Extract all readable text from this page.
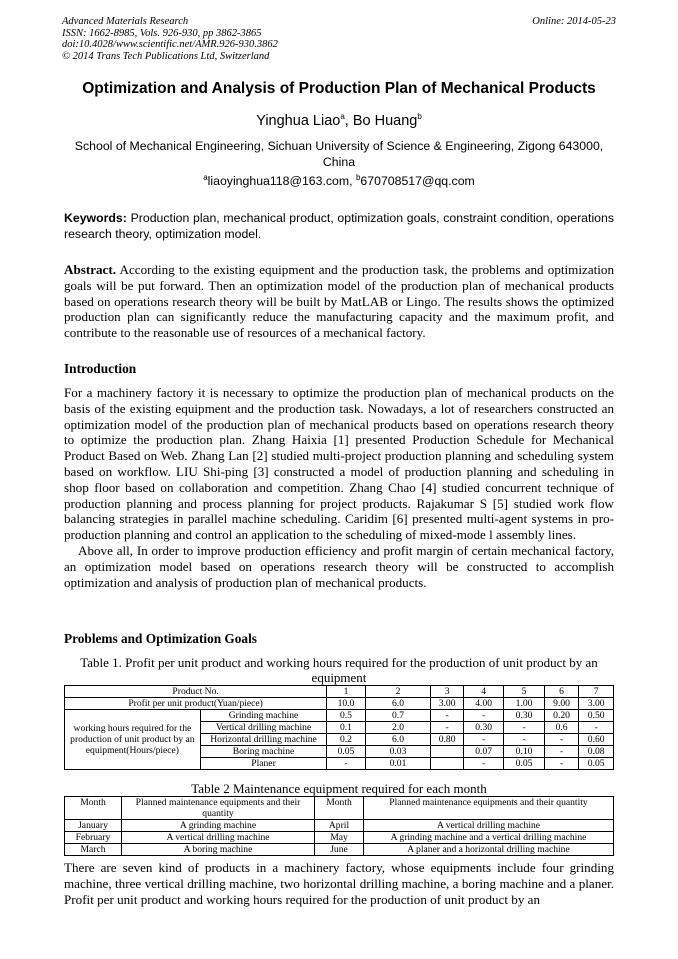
Advanced Materials Research
ISSN: 1662-8985, Vols. 926-930, pp 3862-3865
doi:10.4028/www.scientific.net/AMR.926-930.3862
© 2014 Trans Tech Publications Ltd, Switzerland
Online: 2014-05-23
Optimization and Analysis of Production Plan of Mechanical Products
Yinghua Liao$^a$, Bo Huang$^b$
School of Mechanical Engineering, Sichuan University of Science & Engineering, Zigong 643000, China
$^a$liaoyinghua118@163.com, $^b$670708517@qq.com
Keywords: Production plan, mechanical product, optimization goals, constraint condition, operations research theory, optimization model.
Abstract. According to the existing equipment and the production task, the problems and optimization goals will be put forward. Then an optimization model of the production plan of mechanical products based on operations research theory will be built by MatLAB or Lingo. The results shows the optimized production plan can significantly reduce the manufacturing capacity and the maximum profit, and contribute to the reasonable use of resources of a mechanical factory.
Introduction
For a machinery factory it is necessary to optimize the production plan of mechanical products on the basis of the existing equipment and the production task. Nowadays, a lot of researchers constructed an optimization model of the production plan of mechanical products based on operations research theory to optimize the production plan. Zhang Haixia [1] presented Production Schedule for Mechanical Product Based on Web. Zhang Lan [2] studied multi-project production planning and scheduling system based on workflow. LIU Shi-ping [3] constructed a model of production planning and scheduling in shop floor based on collaboration and competition. Zhang Chao [4] studied concurrent technique of production planning and process planning for project products. Rajakumar S [5] studied work flow balancing strategies in parallel machine scheduling. Caridim [6] presented multi-agent systems in pro-production planning and control an application to the scheduling of mixed-mode l assembly lines.
Above all, In order to improve production efficiency and profit margin of certain mechanical factory, an optimization model based on operations research theory will be constructed to accomplish optimization and analysis of production plan of mechanical products.
Problems and Optimization Goals
Table 1. Profit per unit product and working hours required for the production of unit product by an equipment
Product No.		1	2	3	4	5	6	7
Profit per unit product(Yuan/piece)		10.0	6.0	3.00	4.00	1.00	9.00	3.00
working hours required for the production of unit product by an equipment(Hours/piece)	Grinding machine	0.5	0.7	-	-	0.30	0.20	0.50
	Vertical drilling machine	0.1	2.0	-	0.30	-	0.6	-
	Horizontal drilling machine	0.2	6.0	0.80	-	-	-	0.60
	Boring machine	0.05	0.03		0.07	0.10	-	0.08
	Planer	-	0.01		-	0.05	-	0.05
Table 2 Maintenance equipment required for each month
Month	Planned maintenance equipments and their quantity	Month	Planned maintenance equipments and their quantity
January	A grinding machine	April	A vertical drilling machine
February	A vertical drilling machine	May	A grinding machine and a vertical drilling machine
March	A boring machine	June	A planer and a horizontal drilling machine
There are seven kind of products in a machinery factory, whose equipments include four grinding machine, three vertical drilling machine, two horizontal drilling machine, a boring machine and a planer. Profit per unit product and working hours required for the production of unit product by an
